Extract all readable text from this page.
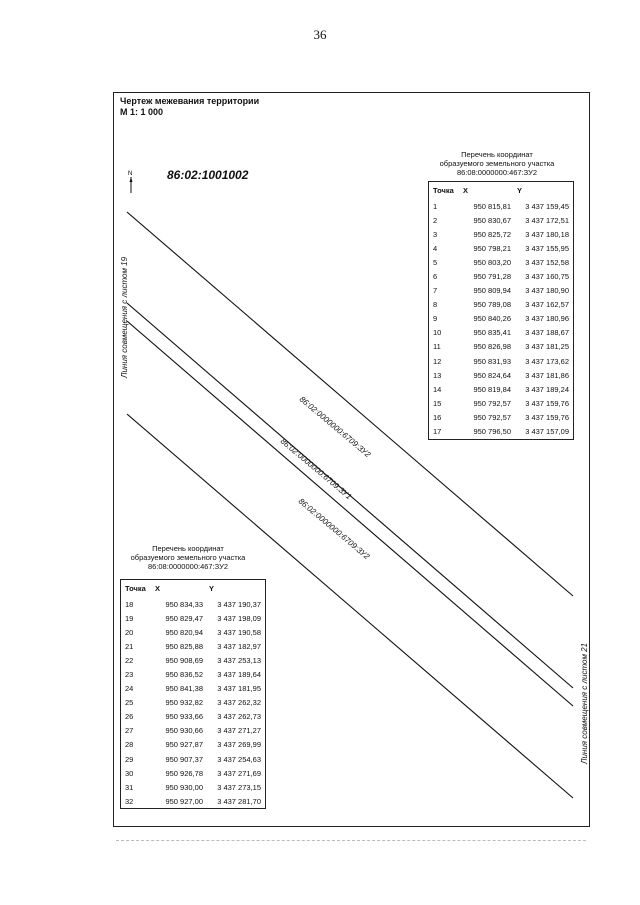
36
Чертеж межевания территории
М 1: 1 000
N	86:02:1001002
86:02:0000000:6709:ЗУ2
86:02:0000000:6709:ЗУ1
86:02:0000000:6709:ЗУ2
Линия совмещения с листом 19
Линия совмещения с листом 21
Перечень координат
образуемого земельного участка
86:08:0000000:467:ЗУ2
Точка	X	Y
1	950 815,81	3 437 159,45
2	950 830,67	3 437 172,51
3	950 825,72	3 437 180,18
4	950 798,21	3 437 155,95
5	950 803,20	3 437 152,58
6	950 791,28	3 437 160,75
7	950 809,94	3 437 180,90
8	950 789,08	3 437 162,57
9	950 840,26	3 437 180,96
10	950 835,41	3 437 188,67
11	950 826,98	3 437 181,25
12	950 831,93	3 437 173,62
13	950 824,64	3 437 181,86
14	950 819,84	3 437 189,24
15	950 792,57	3 437 159,76
16	950 792,57	3 437 159,76
17	950 796,50	3 437 157,09
Перечень координат
образуемого земельного участка
86:08:0000000:467:ЗУ2
Точка	X	Y
18	950 834,33	3 437 190,37
19	950 829,47	3 437 198,09
20	950 820,94	3 437 190,58
21	950 825,88	3 437 182,97
22	950 908,69	3 437 253,13
23	950 836,52	3 437 189,64
24	950 841,38	3 437 181,95
25	950 932,82	3 437 262,32
26	950 933,66	3 437 262,73
27	950 930,66	3 437 271,27
28	950 927,87	3 437 269,99
29	950 907,37	3 437 254,63
30	950 926,78	3 437 271,69
31	950 930,00	3 437 273,15
32	950 927,00	3 437 281,70
